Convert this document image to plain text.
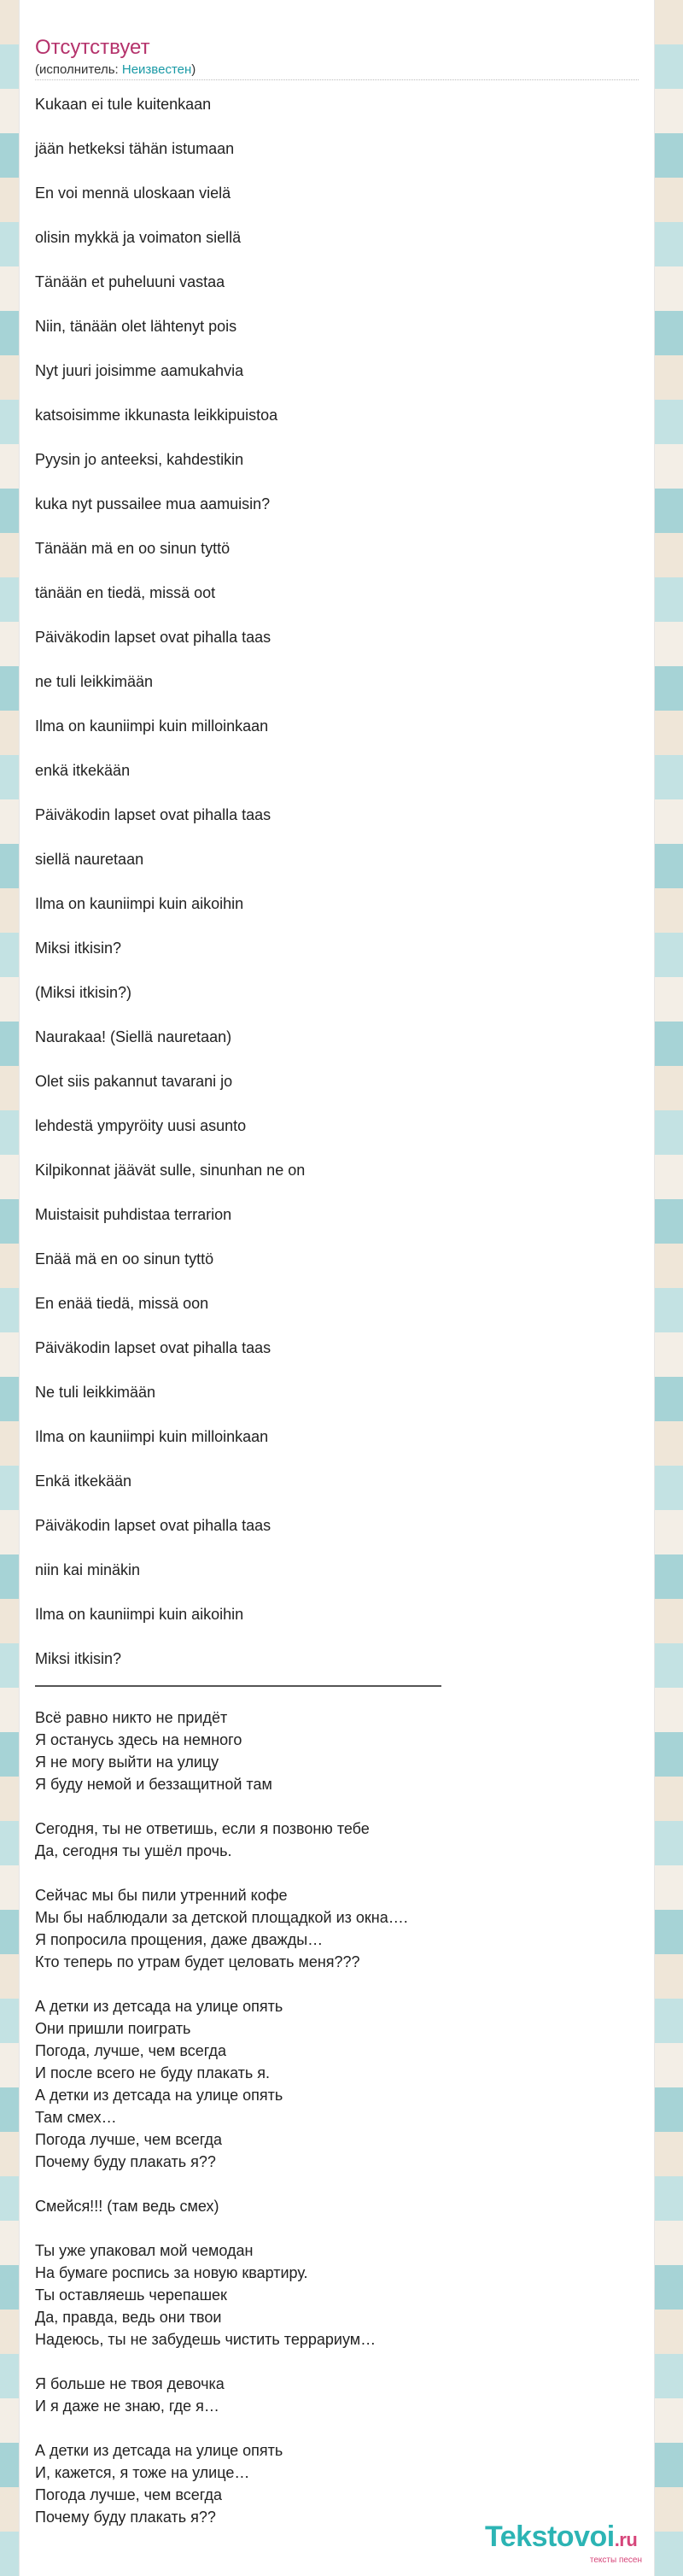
Отсутствует
(исполнитель: Неизвестен)
Kukaan ei tule kuitenkaan
jään hetkeksi tähän istumaan
En voi mennä uloskaan vielä
olisin mykkä ja voimaton siellä
Tänään et puheluuni vastaa
Niin, tänään olet lähtenyt pois
Nyt juuri joisimme aamukahvia
katsoisimme ikkunasta leikkipuistoa
Pyysin jo anteeksi, kahdestikin
kuka nyt pussailee mua aamuisin?
Tänään mä en oo sinun tyttö
tänään en tiedä, missä oot
Päiväkodin lapset ovat pihalla taas
ne tuli leikkimään
Ilma on kauniimpi kuin milloinkaan
enkä itkekään
Päiväkodin lapset ovat pihalla taas
siellä nauretaan
Ilma on kauniimpi kuin aikoihin
Miksi itkisin?
(Miksi itkisin?)
Naurakaa! (Siellä nauretaan)
Olet siis pakannut tavarani jo
lehdestä ympyröity uusi asunto
Kilpikonnat jäävät sulle, sinunhan ne on
Muistaisit puhdistaa terrarion
Enää mä en oo sinun tyttö
En enää tiedä, missä oon
Päiväkodin lapset ovat pihalla taas
Ne tuli leikkimään
Ilma on kauniimpi kuin milloinkaan
Enkä itkekään
Päiväkodin lapset ovat pihalla taas
niin kai minäkin
Ilma on kauniimpi kuin aikoihin
Miksi itkisin?
Всё равно никто не придёт
Я останусь здесь на немного
Я не могу выйти на улицу
Я буду немой и беззащитной там
Сегодня, ты не ответишь, если я позвоню тебе
Да, сегодня ты ушёл прочь.
Сейчас мы бы пили утренний кофе
Мы бы наблюдали за детской площадкой из окна….
Я попросила прощения, даже дважды…
Кто теперь по утрам будет целовать меня???
А детки из детсада на улице опять
Они пришли поиграть
Погода, лучше, чем всегда
И после всего не буду плакать я.
А детки из детсада на улице опять
Там смех…
Погода лучше, чем всегда
Почему буду плакать я??
Смейся!!! (там ведь смех)
Ты уже упаковал мой чемодан
На бумаге роспись за новую квартиру.
Ты оставляешь черепашек
Да, правда, ведь они твои
Надеюсь, ты не забудешь чистить террариум…
Я больше не твоя девочка
И я даже не знаю, где я…
А детки из детсада на улице опять
И, кажется, я тоже на улице…
Погода лучше, чем всегда
Почему буду плакать я??
Tekstovoi.ru
тексты песен
